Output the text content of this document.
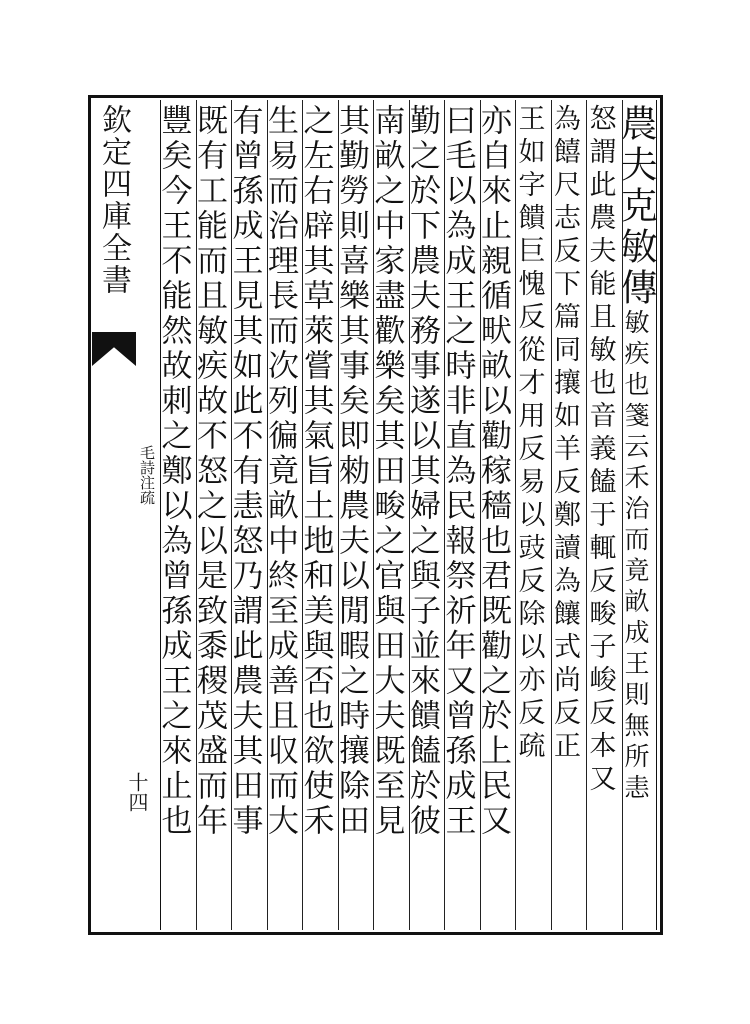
欽定四庫全書
毛詩注疏
十四
農夫克敏傳敏疾也箋云禾治而竟畝成王則無所恚
怒謂此農夫能且敏也音義饁于輒反畯子峻反本又
為饎尺志反下篇同攘如羊反鄭讀為饟式尚反正
王如字饋巨愧反從才用反易以豉反除以亦反疏
亦自來止親循畎畝以勸稼穡也君既勸之於上民又
曰毛以為成王之時非直為民報祭祈年又曾孫成王
勤之於下農夫務事遂以其婦之與子並來饋饁於彼
南畝之中家盡歡樂矣其田畯之官與田大夫既至見
其勤勞則喜樂其事矣即勑農夫以閒暇之時攘除田
之左右辟其草萊嘗其氣旨土地和美與否也欲使禾
生易而治理長而次列徧竟畝中終至成善且収而大
有曾孫成王見其如此不有恚怒乃謂此農夫其田事
既有工能而且敏疾故不怒之以是致黍稷茂盛而年
豐矣今王不能然故刺之鄭以為曾孫成王之來止也
